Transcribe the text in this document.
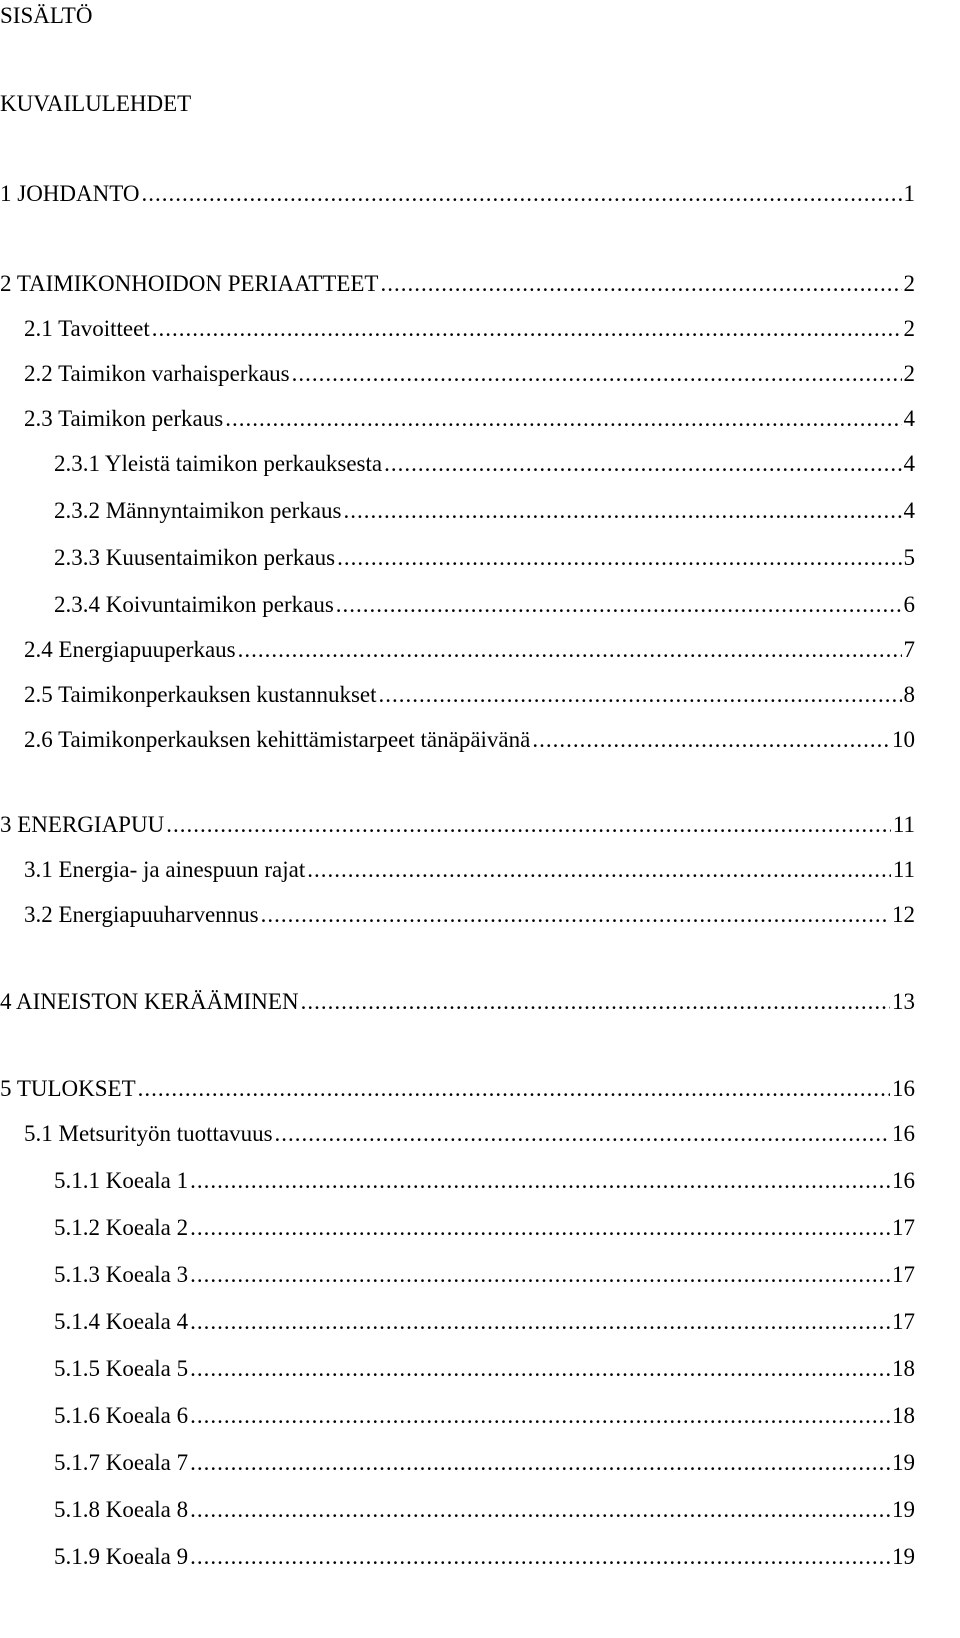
SISÄLTÖ
KUVAILULEHDET
1 JOHDANTO .....	1
2 TAIMIKONHOIDON PERIAATTEET .....	2
2.1 Tavoitteet .....	2
2.2 Taimikon varhaisperkaus .....	2
2.3 Taimikon perkaus .....	4
2.3.1 Yleistä taimikon perkauksesta .....	4
2.3.2 Männyntaimikon perkaus .....	4
2.3.3 Kuusentaimikon perkaus .....	5
2.3.4 Koivuntaimikon perkaus .....	6
2.4 Energiapuuperkaus .....	7
2.5 Taimikonperkauksen kustannukset .....	8
2.6 Taimikonperkauksen kehittämistarpeet tänäpäivänä .....	10
3 ENERGIAPUU .....	11
3.1 Energia- ja ainespuun rajat .....	11
3.2 Energiapuuharvennus .....	12
4 AINEISTON KERÄÄMINEN .....	13
5 TULOKSET .....	16
5.1 Metsurityön tuottavuus .....	16
5.1.1 Koeala 1 .....	16
5.1.2 Koeala 2 .....	17
5.1.3 Koeala 3 .....	17
5.1.4 Koeala 4 .....	17
5.1.5 Koeala 5 .....	18
5.1.6 Koeala 6 .....	18
5.1.7 Koeala 7 .....	19
5.1.8 Koeala 8 .....	19
5.1.9 Koeala 9 .....	19
